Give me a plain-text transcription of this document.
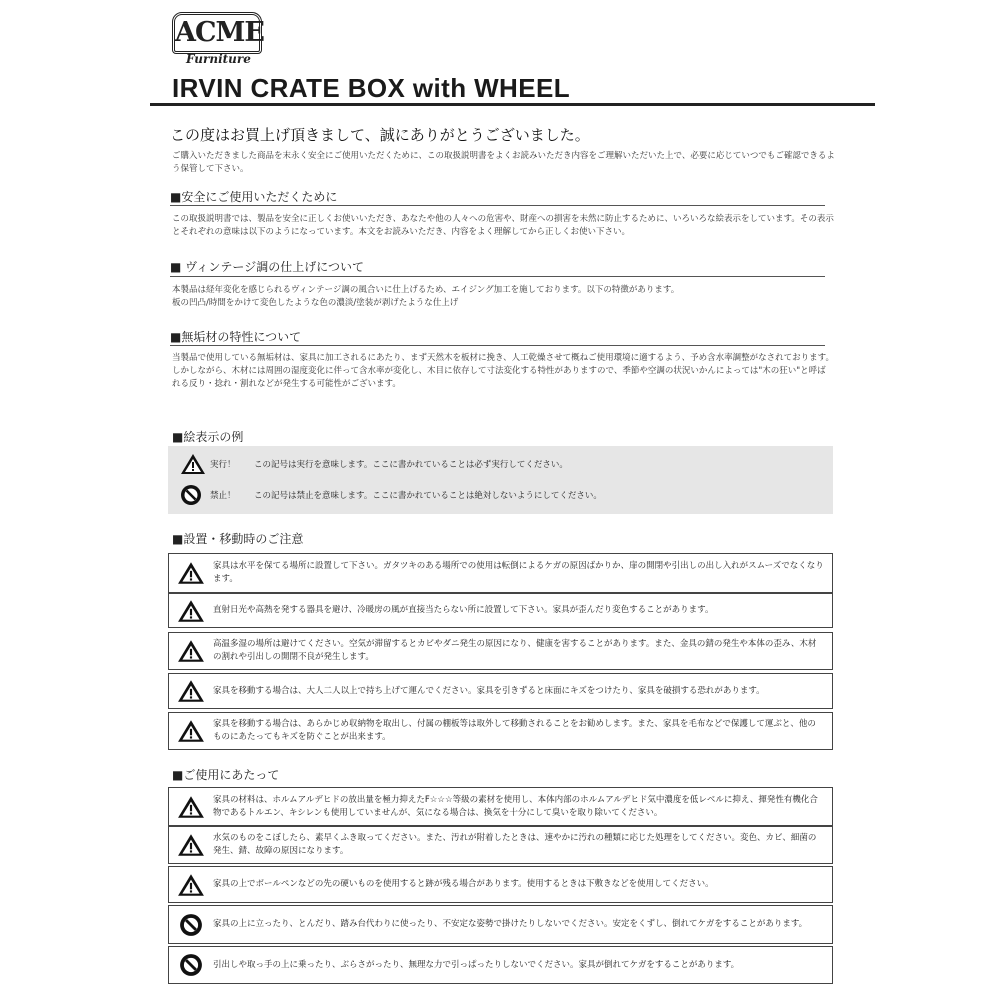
ACME
Furniture
IRVIN CRATE BOX with WHEEL
この度はお買上げ頂きまして、誠にありがとうございました。
ご購入いただきました商品を末永く安全にご使用いただくために、この取扱説明書をよくお読みいただき内容をご理解いただいた上で、必要に応じていつでもご確認できるよう保管して下さい。
■安全にご使用いただくために
この取扱説明書では、製品を安全に正しくお使いいただき、あなたや他の人々への危害や、財産への損害を未然に防止するために、いろいろな絵表示をしています。その表示とそれぞれの意味は以下のようになっています。本文をお読みいただき、内容をよく理解してから正しくお使い下さい。
■ ヴィンテージ調の仕上げについて
本製品は経年変化を感じられるヴィンテージ調の風合いに仕上げるため、エイジング加工を施しております。以下の特徴があります。
板の凹凸/時間をかけて変色したような色の濃淡/塗装が剥げたような仕上げ
■無垢材の特性について
当製品で使用している無垢材は、家具に加工されるにあたり、まず天然木を板材に挽き、人工乾燥させて概ねご使用環境に適するよう、予め含水率調整がなされております。しかしながら、木材には周囲の湿度変化に伴って含水率が変化し、木目に依存して寸法変化する特性がありますので、季節や空調の状況いかんによっては"木の狂い"と呼ばれる反り・捻れ・割れなどが発生する可能性がございます。
■絵表示の例
実行！	この記号は実行を意味します。ここに書かれていることは必ず実行してください。
禁止！	この記号は禁止を意味します。ここに書かれていることは絶対しないようにしてください。
■設置・移動時のご注意
家具は水平を保てる場所に設置して下さい。ガタツキのある場所での使用は転倒によるケガの原因ばかりか、扉の開閉や引出しの出し入れがスムーズでなくなります。
直射日光や高熱を発する器具を避け、冷暖房の風が直接当たらない所に設置して下さい。家具が歪んだり変色することがあります。
高温多湿の場所は避けてください。空気が滞留するとカビやダニ発生の原因になり、健康を害することがあります。また、金具の錆の発生や本体の歪み、木材の割れや引出しの開閉不良が発生します。
家具を移動する場合は、大人二人以上で持ち上げて運んでください。家具を引きずると床面にキズをつけたり、家具を破損する恐れがあります。
家具を移動する場合は、あらかじめ収納物を取出し、付属の棚板等は取外して移動されることをお勧めします。また、家具を毛布などで保護して運ぶと、他のものにあたってもキズを防ぐことが出来ます。
■ご使用にあたって
家具の材料は、ホルムアルデヒドの放出量を極力抑えたF☆☆☆等級の素材を使用し、本体内部のホルムアルデヒド気中濃度を低レベルに抑え、揮発性有機化合物であるトルエン、キシレンも使用していませんが、気になる場合は、換気を十分にして臭いを取り除いてください。
水気のものをこぼしたら、素早くふき取ってください。また、汚れが附着したときは、速やかに汚れの種類に応じた処理をしてください。変色、カビ、細菌の発生、錆、故障の原因になります。
家具の上でボールペンなどの先の硬いものを使用すると跡が残る場合があります。使用するときは下敷きなどを使用してください。
家具の上に立ったり、とんだり、踏み台代わりに使ったり、不安定な姿勢で掛けたりしないでください。安定をくずし、倒れてケガをすることがあります。
引出しや取っ手の上に乗ったり、ぶらさがったり、無理な力で引っぱったりしないでください。家具が倒れてケガをすることがあります。
